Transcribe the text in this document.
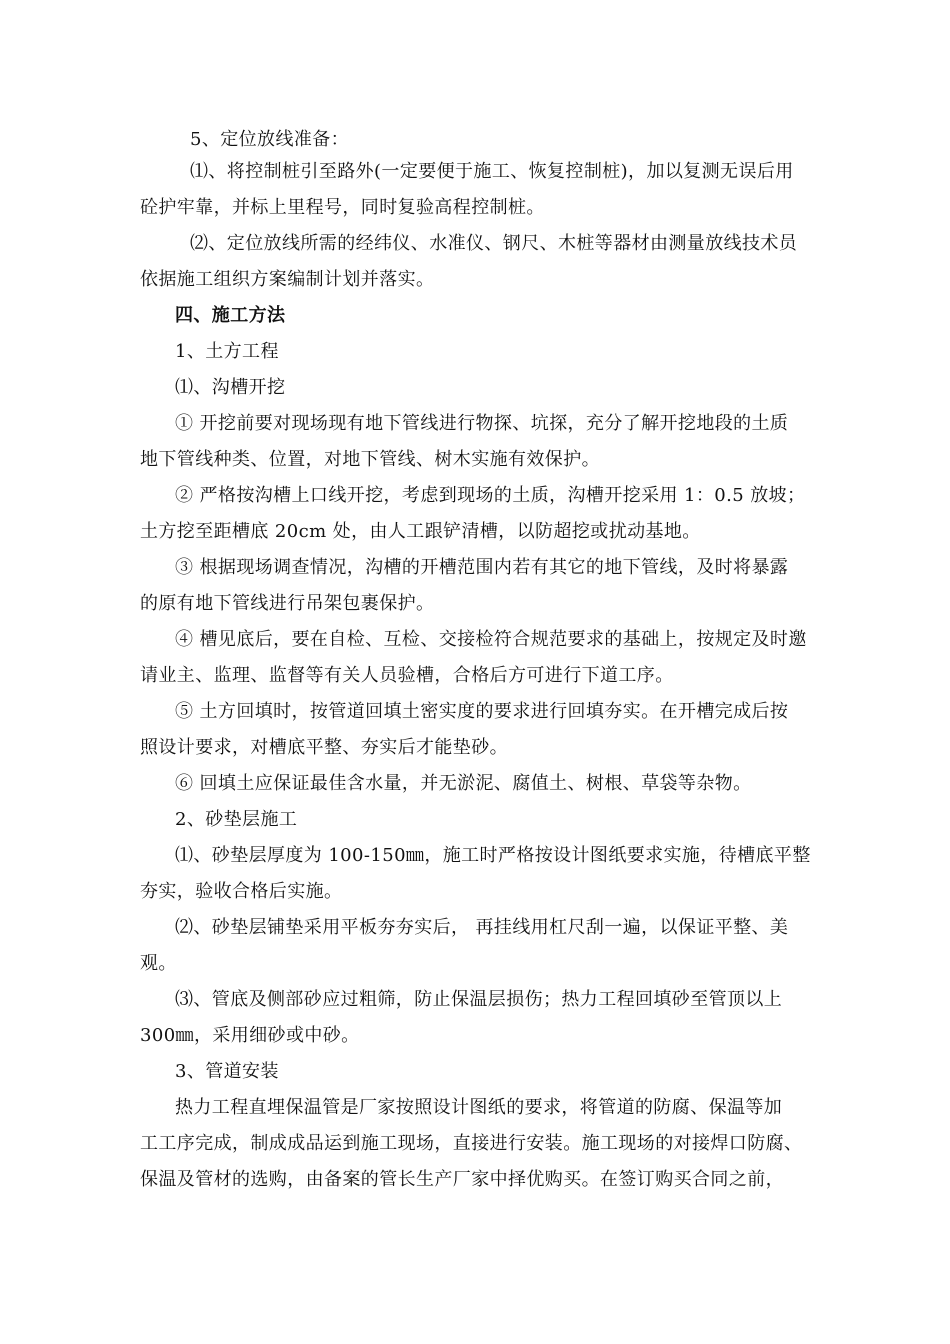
5、定位放线准备：
⑴、将控制桩引至路外(一定要便于施工、恢复控制桩)，加以复测无误后用
砼护牢靠，并标上里程号，同时复验高程控制桩。
⑵、定位放线所需的经纬仪、水准仪、钢尺、木桩等器材由测量放线技术员
依据施工组织方案编制计划并落实。
四、施工方法
1、土方工程
⑴、沟槽开挖
① 开挖前要对现场现有地下管线进行物探、坑探，充分了解开挖地段的土质
地下管线种类、位置，对地下管线、树木实施有效保护。
② 严格按沟槽上口线开挖，考虑到现场的土质，沟槽开挖采用 1：0.5 放坡；
土方挖至距槽底 20cm 处，由人工跟铲清槽，以防超挖或扰动基地。
③ 根据现场调查情况，沟槽的开槽范围内若有其它的地下管线，及时将暴露
的原有地下管线进行吊架包裹保护。
④ 槽见底后，要在自检、互检、交接检符合规范要求的基础上，按规定及时邀
请业主、监理、监督等有关人员验槽，合格后方可进行下道工序。
⑤ 土方回填时，按管道回填土密实度的要求进行回填夯实。在开槽完成后按
照设计要求，对槽底平整、夯实后才能垫砂。
⑥ 回填土应保证最佳含水量，并无淤泥、腐值土、树根、草袋等杂物。
2、砂垫层施工
⑴、砂垫层厚度为 100-150㎜，施工时严格按设计图纸要求实施，待槽底平整
夯实，验收合格后实施。
⑵、砂垫层铺垫采用平板夯夯实后， 再挂线用杠尺刮一遍，以保证平整、美
观。
⑶、管底及侧部砂应过粗筛，防止保温层损伤；热力工程回填砂至管顶以上
300㎜，采用细砂或中砂。
3、管道安装
热力工程直埋保温管是厂家按照设计图纸的要求，将管道的防腐、保温等加
工工序完成，制成成品运到施工现场，直接进行安装。施工现场的对接焊口防腐、
保温及管材的选购，由备案的管长生产厂家中择优购买。在签订购买合同之前，
